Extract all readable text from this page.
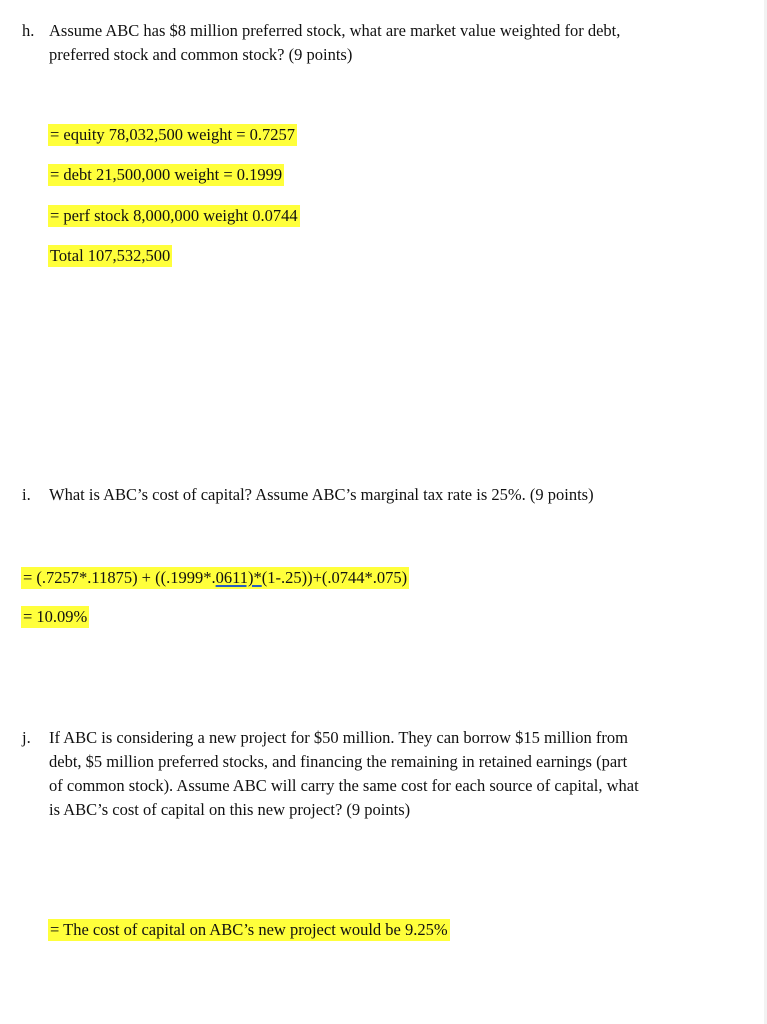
h. Assume ABC has $8 million preferred stock, what are market value weighted for debt,
preferred stock and common stock? (9 points)
= equity 78,032,500 weight = 0.7257
= debt 21,500,000 weight = 0.1999
= perf stock 8,000,000 weight 0.0744
Total 107,532,500
i. What is ABC’s cost of capital? Assume ABC’s marginal tax rate is 25%. (9 points)
= (.7257*.11875) + ((.1999*.0611)*(1-.25))+(.0744*.075)
= 10.09%
j. If ABC is considering a new project for $50 million. They can borrow $15 million from
debt, $5 million preferred stocks, and financing the remaining in retained earnings (part
of common stock). Assume ABC will carry the same cost for each source of capital, what
is ABC’s cost of capital on this new project? (9 points)
= The cost of capital on ABC’s new project would be 9.25%
